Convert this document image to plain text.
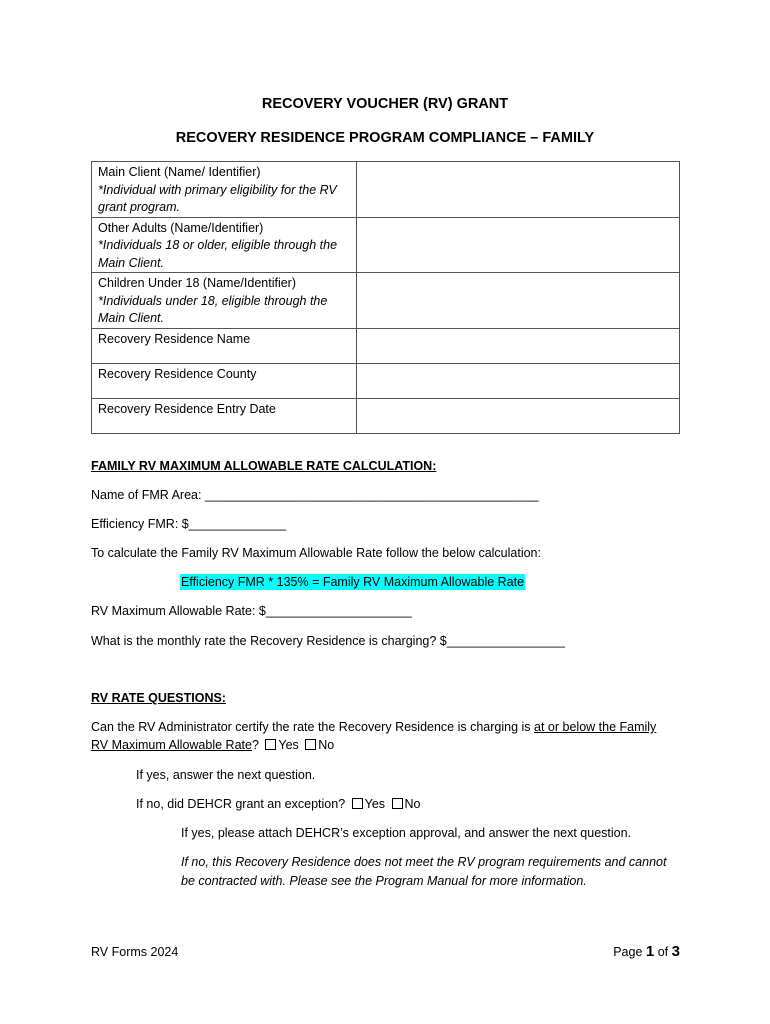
RECOVERY VOUCHER (RV) GRANT
RECOVERY RESIDENCE PROGRAM COMPLIANCE – FAMILY
Main Client (Name/ Identifier)
*Individual with primary eligibility for the RV grant program.	

Other Adults (Name/Identifier)
*Individuals 18 or older, eligible through the Main Client.	

Children Under 18 (Name/Identifier)
*Individuals under 18, eligible through the Main Client.	

Recovery Residence Name	
Recovery Residence County	
Recovery Residence Entry Date	
FAMILY RV MAXIMUM ALLOWABLE RATE CALCULATION:
Name of FMR Area: ________________________________________________
Efficiency FMR: $______________
To calculate the Family RV Maximum Allowable Rate follow the below calculation:
Efficiency FMR * 135% = Family RV Maximum Allowable Rate
RV Maximum Allowable Rate: $_____________________
What is the monthly rate the Recovery Residence is charging? $_________________
RV RATE QUESTIONS:
Can the RV Administrator certify the rate the Recovery Residence is charging is at or below the Family
RV Maximum Allowable Rate? Yes No
If yes, answer the next question.
If no, did DEHCR grant an exception? Yes No
If yes, please attach DEHCR’s exception approval, and answer the next question.
If no, this Recovery Residence does not meet the RV program requirements and cannot
be contracted with. Please see the Program Manual for more information.
RV Forms 2024	Page 1 of 3
